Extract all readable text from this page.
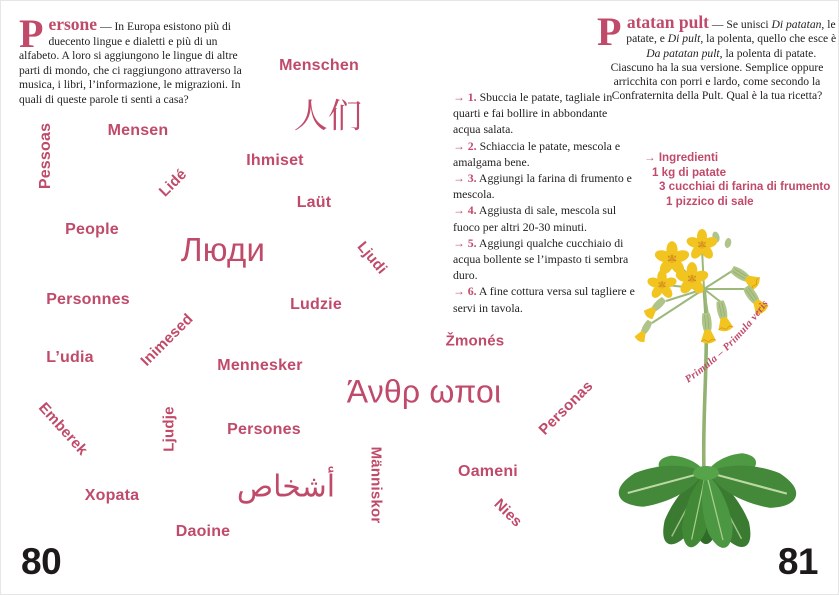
Persone — In Europa esistono più di duecento lingue e dialetti e più di un alfabeto. A loro si aggiungono le lingue di altre parti di mondo, che ci raggiungono attraverso la musica, i libri, l’informazione, le migrazioni. In quali di queste parole ti senti a casa?
Pessoas	Mensen
Menschen
人们
Lidé
Ihmiset
Laüt
People
Люди	Ljudi
Personnes
Inimesed
Ludzie
Žmonés
L’udia	Mennesker
Άνθρ ωποι Personas
Emberek	Ljudje	Persones
Människor	Oameni
أشخاص
Nies
Xopata
Daoine

→ 1. Sbuccia le patate, tagliale in quarti e fai bollire in abbondante acqua salata.

→ 2. Schiaccia le patate, mescola e amalgama bene.

→ 3. Aggiungi la farina di frumento e mescola.

→ 4. Aggiusta di sale, mescola sul fuoco per altri 20-30 minuti.

→ 5. Aggiungi qualche cucchiaio di acqua bollente se l’impasto ti sembra duro.

→ 6. A fine cottura versa sul tagliere e servi in tavola.

Patatan pult — Se unisci Di patatan, le patate, e Di pult, la polenta, quello che esce è Da patatan pult, la polenta di patate. Ciascuno ha la sua versione. Semplice oppure arricchita con porri e lardo, come secondo la Confraternita della Pult. Qual è la tua ricetta?
→ Ingredienti
1 kg di patate
3 cucchiai di farina di frumento
1 pizzico di sale
Primula – Primula veris
80	81
